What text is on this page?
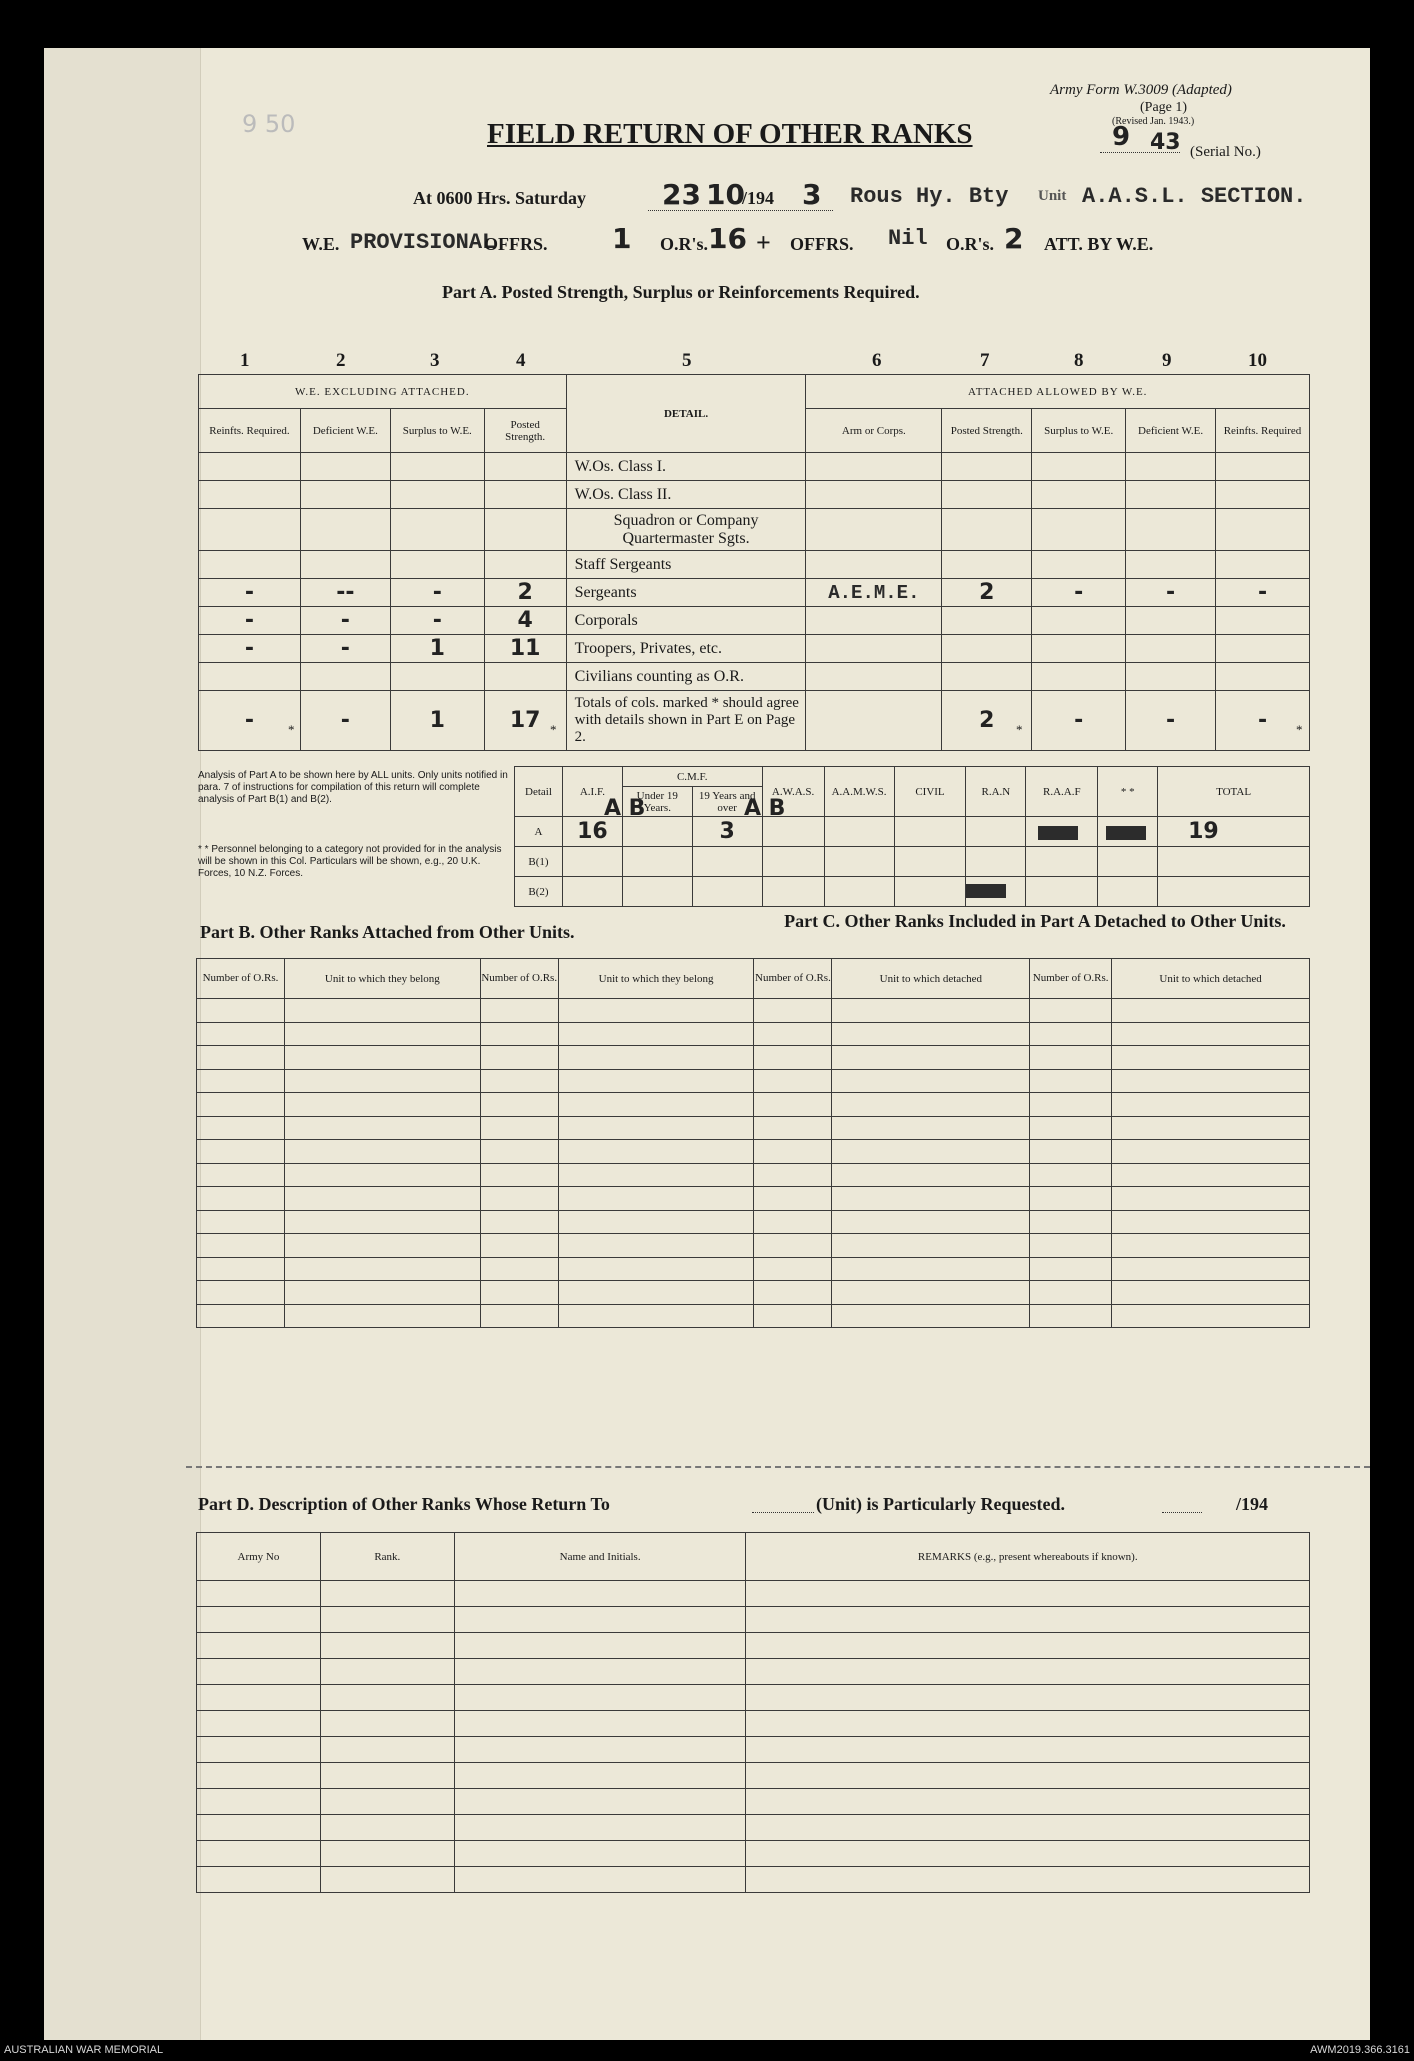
9 50
Army Form W.3009 (Adapted)
(Page 1)
(Revised Jan. 1943.)
9 43 (Serial No.)
FIELD RETURN OF OTHER RANKS
At 0600 Hrs. Saturday	23 10
/194 3 Rous Hy. Bty Unit A.A.S.L. SECTION.
W.E. PROVISIONAL
OFFRS. 1 O.R's. 16 + OFFRS. Nil O.R's. 2 ATT. BY W.E.
Part A. Posted Strength, Surplus or Reinforcements Required.
1	2	3	4	5	6	7	8	9	10
W.E. EXCLUDING ATTACHED.				DETAIL.	ATTACHED ALLOWED BY W.E.				
Reinfts. Required.	Deficient W.E.	Surplus to W.E.	Posted Strength.		Arm or Corps.	Posted Strength.	Surplus to W.E.	Deficient W.E.	Reinfts. Required
				W.Os. Class I.					
				W.Os. Class II.					
				Squadron or Company Quartermaster Sgts.					
				Staff Sergeants					
-	--	-	2	Sergeants	A.E.M.E.	2	-	-	-
-	-	-	4	Corporals					
-	-	1	11	Troopers, Privates, etc.					
				Civilians counting as O.R.					
-	-	1	17	Totals of cols. marked * should agree with details shown in Part E on Page 2.		2	-	-	-
*	*	*	*
Analysis of Part A to be shown here by ALL units. Only units notified in para. 7 of instructions for compilation of this return will complete analysis of Part B(1) and B(2).
* * Personnel belonging to a category not provided for in the analysis will be shown in this Col. Particulars will be shown, e.g., 20 U.K. Forces, 10 N.Z. Forces.
Detail	A.I.F.	C.M.F.		A.W.A.S.	A.A.M.W.S.	CIVIL	R.A.N	R.A.A.F	* *	TOTAL
		Under 19 Years.	19 Years and over							
A	16		3							19
B(1)										
B(2)										
A B	A B
Part B. Other Ranks Attached from Other Units.
Part C. Other Ranks Included in Part A Detached to Other Units.
Number of O.Rs.	Unit to which they belong	Number of O.Rs.	Unit to which they belong	Number of O.Rs.	Unit to which detached	Number of O.Rs.	Unit to which detached

Part D. Description of Other Ranks Whose Return To	(Unit) is Particularly Requested.	/194
Army No	Rank.	Name and Initials.	REMARKS (e.g., present whereabouts if known).

AUSTRALIAN WAR MEMORIAL	AWM2019.366.3161
